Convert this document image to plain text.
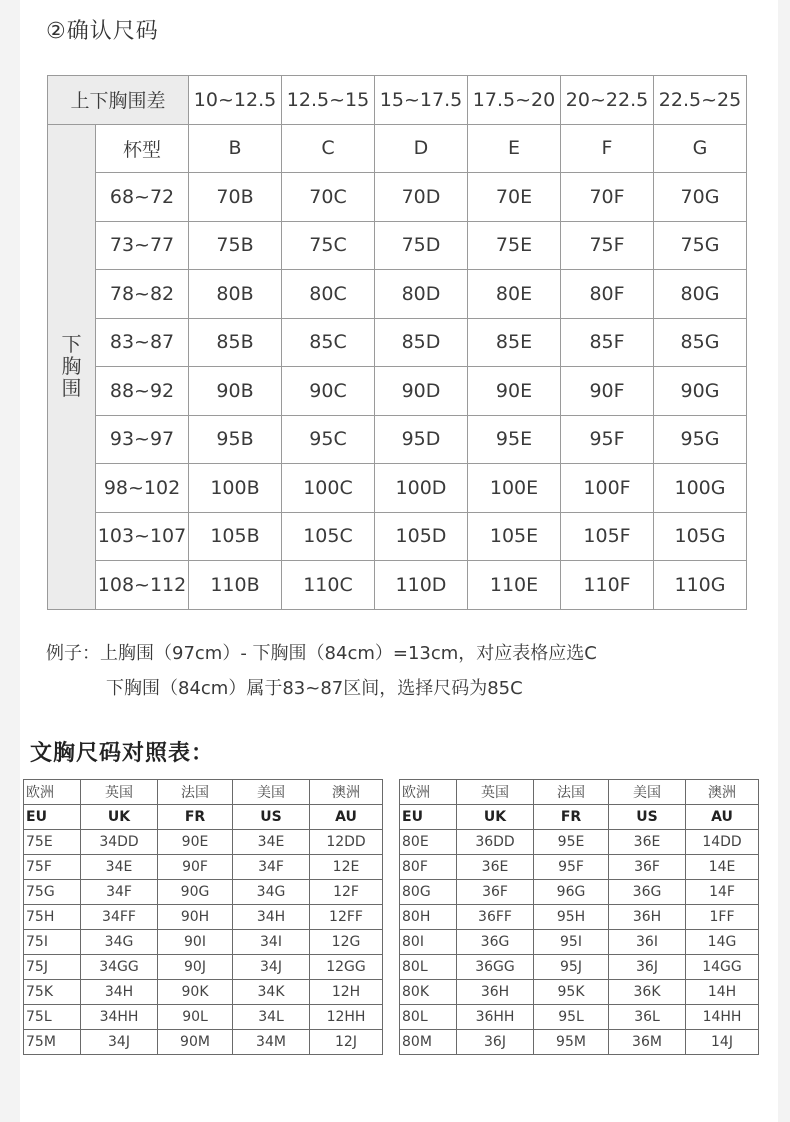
②确认尺码
上下胸围差		10~12.5	12.5~15	15~17.5	17.5~20	20~22.5	22.5~25
下胸围	杯型	B	C	D	E	F	G
	68~72	70B	70C	70D	70E	70F	70G
	73~77	75B	75C	75D	75E	75F	75G
	78~82	80B	80C	80D	80E	80F	80G
	83~87	85B	85C	85D	85E	85F	85G
	88~92	90B	90C	90D	90E	90F	90G
	93~97	95B	95C	95D	95E	95F	95G
	98~102	100B	100C	100D	100E	100F	100G
	103~107	105B	105C	105D	105E	105F	105G
	108~112	110B	110C	110D	110E	110F	110G
例子：上胸围（97cm）- 下胸围（84cm）=13cm，对应表格应选C
下胸围（84cm）属于83~87区间，选择尺码为85C
文胸尺码对照表：
欧洲	英国	法国	美国	澳洲
EU	UK	FR	US	AU
75E	34DD	90E	34E	12DD
75F	34E	90F	34F	12E
75G	34F	90G	34G	12F
75H	34FF	90H	34H	12FF
75I	34G	90I	34I	12G
75J	34GG	90J	34J	12GG
75K	34H	90K	34K	12H
75L	34HH	90L	34L	12HH
75M	34J	90M	34M	12J
欧洲	英国	法国	美国	澳洲
EU	UK	FR	US	AU
80E	36DD	95E	36E	14DD
80F	36E	95F	36F	14E
80G	36F	96G	36G	14F
80H	36FF	95H	36H	1FF
80I	36G	95I	36I	14G
80L	36GG	95J	36J	14GG
80K	36H	95K	36K	14H
80L	36HH	95L	36L	14HH
80M	36J	95M	36M	14J
